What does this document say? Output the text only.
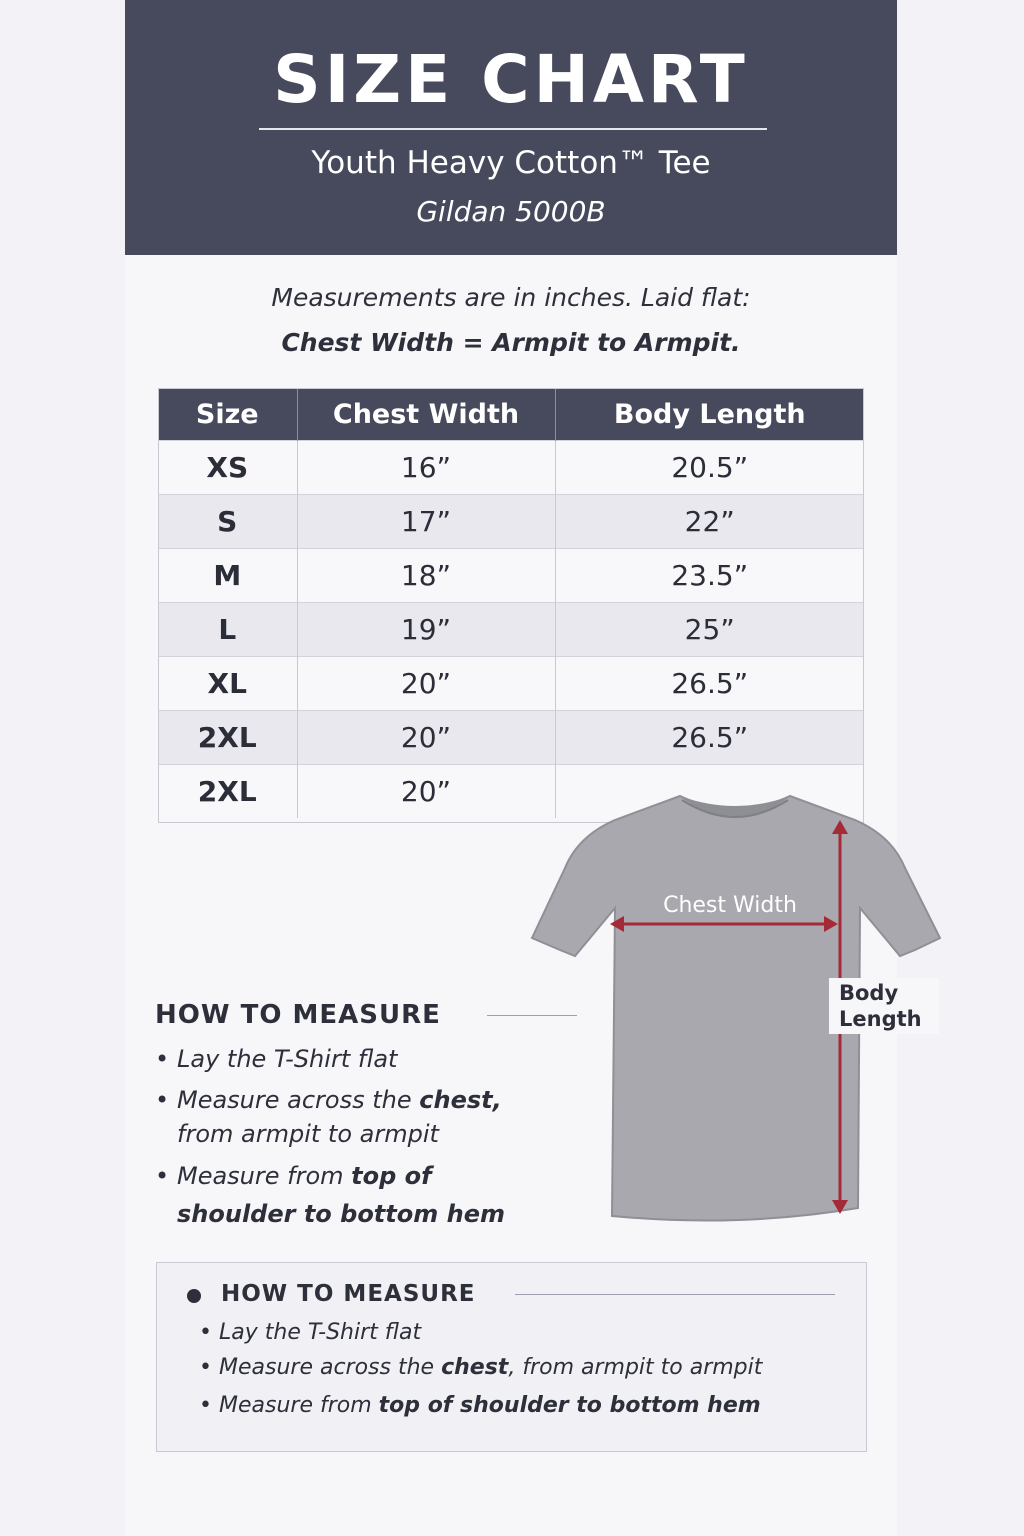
SIZE CHART
Youth Heavy Cotton™ Tee
Gildan 5000B
Measurements are in inches. Laid flat:
Chest Width = Armpit to Armpit.
Size	Chest Width	Body Length
XS	16”	20.5”
S	17”	22”
M	18”	23.5”
L	19”	25”
XL	20”	26.5”
2XL	20”	26.5”
2XL	20”	
Chest Width
Body
Length
HOW TO MEASURE
• Lay the T-Shirt flat
• Measure across the chest,
from armpit to armpit
• Measure from top of
shoulder to bottom hem
HOW TO MEASURE
• Lay the T-Shirt flat
• Measure across the chest, from armpit to armpit
• Measure from top of shoulder to bottom hem
